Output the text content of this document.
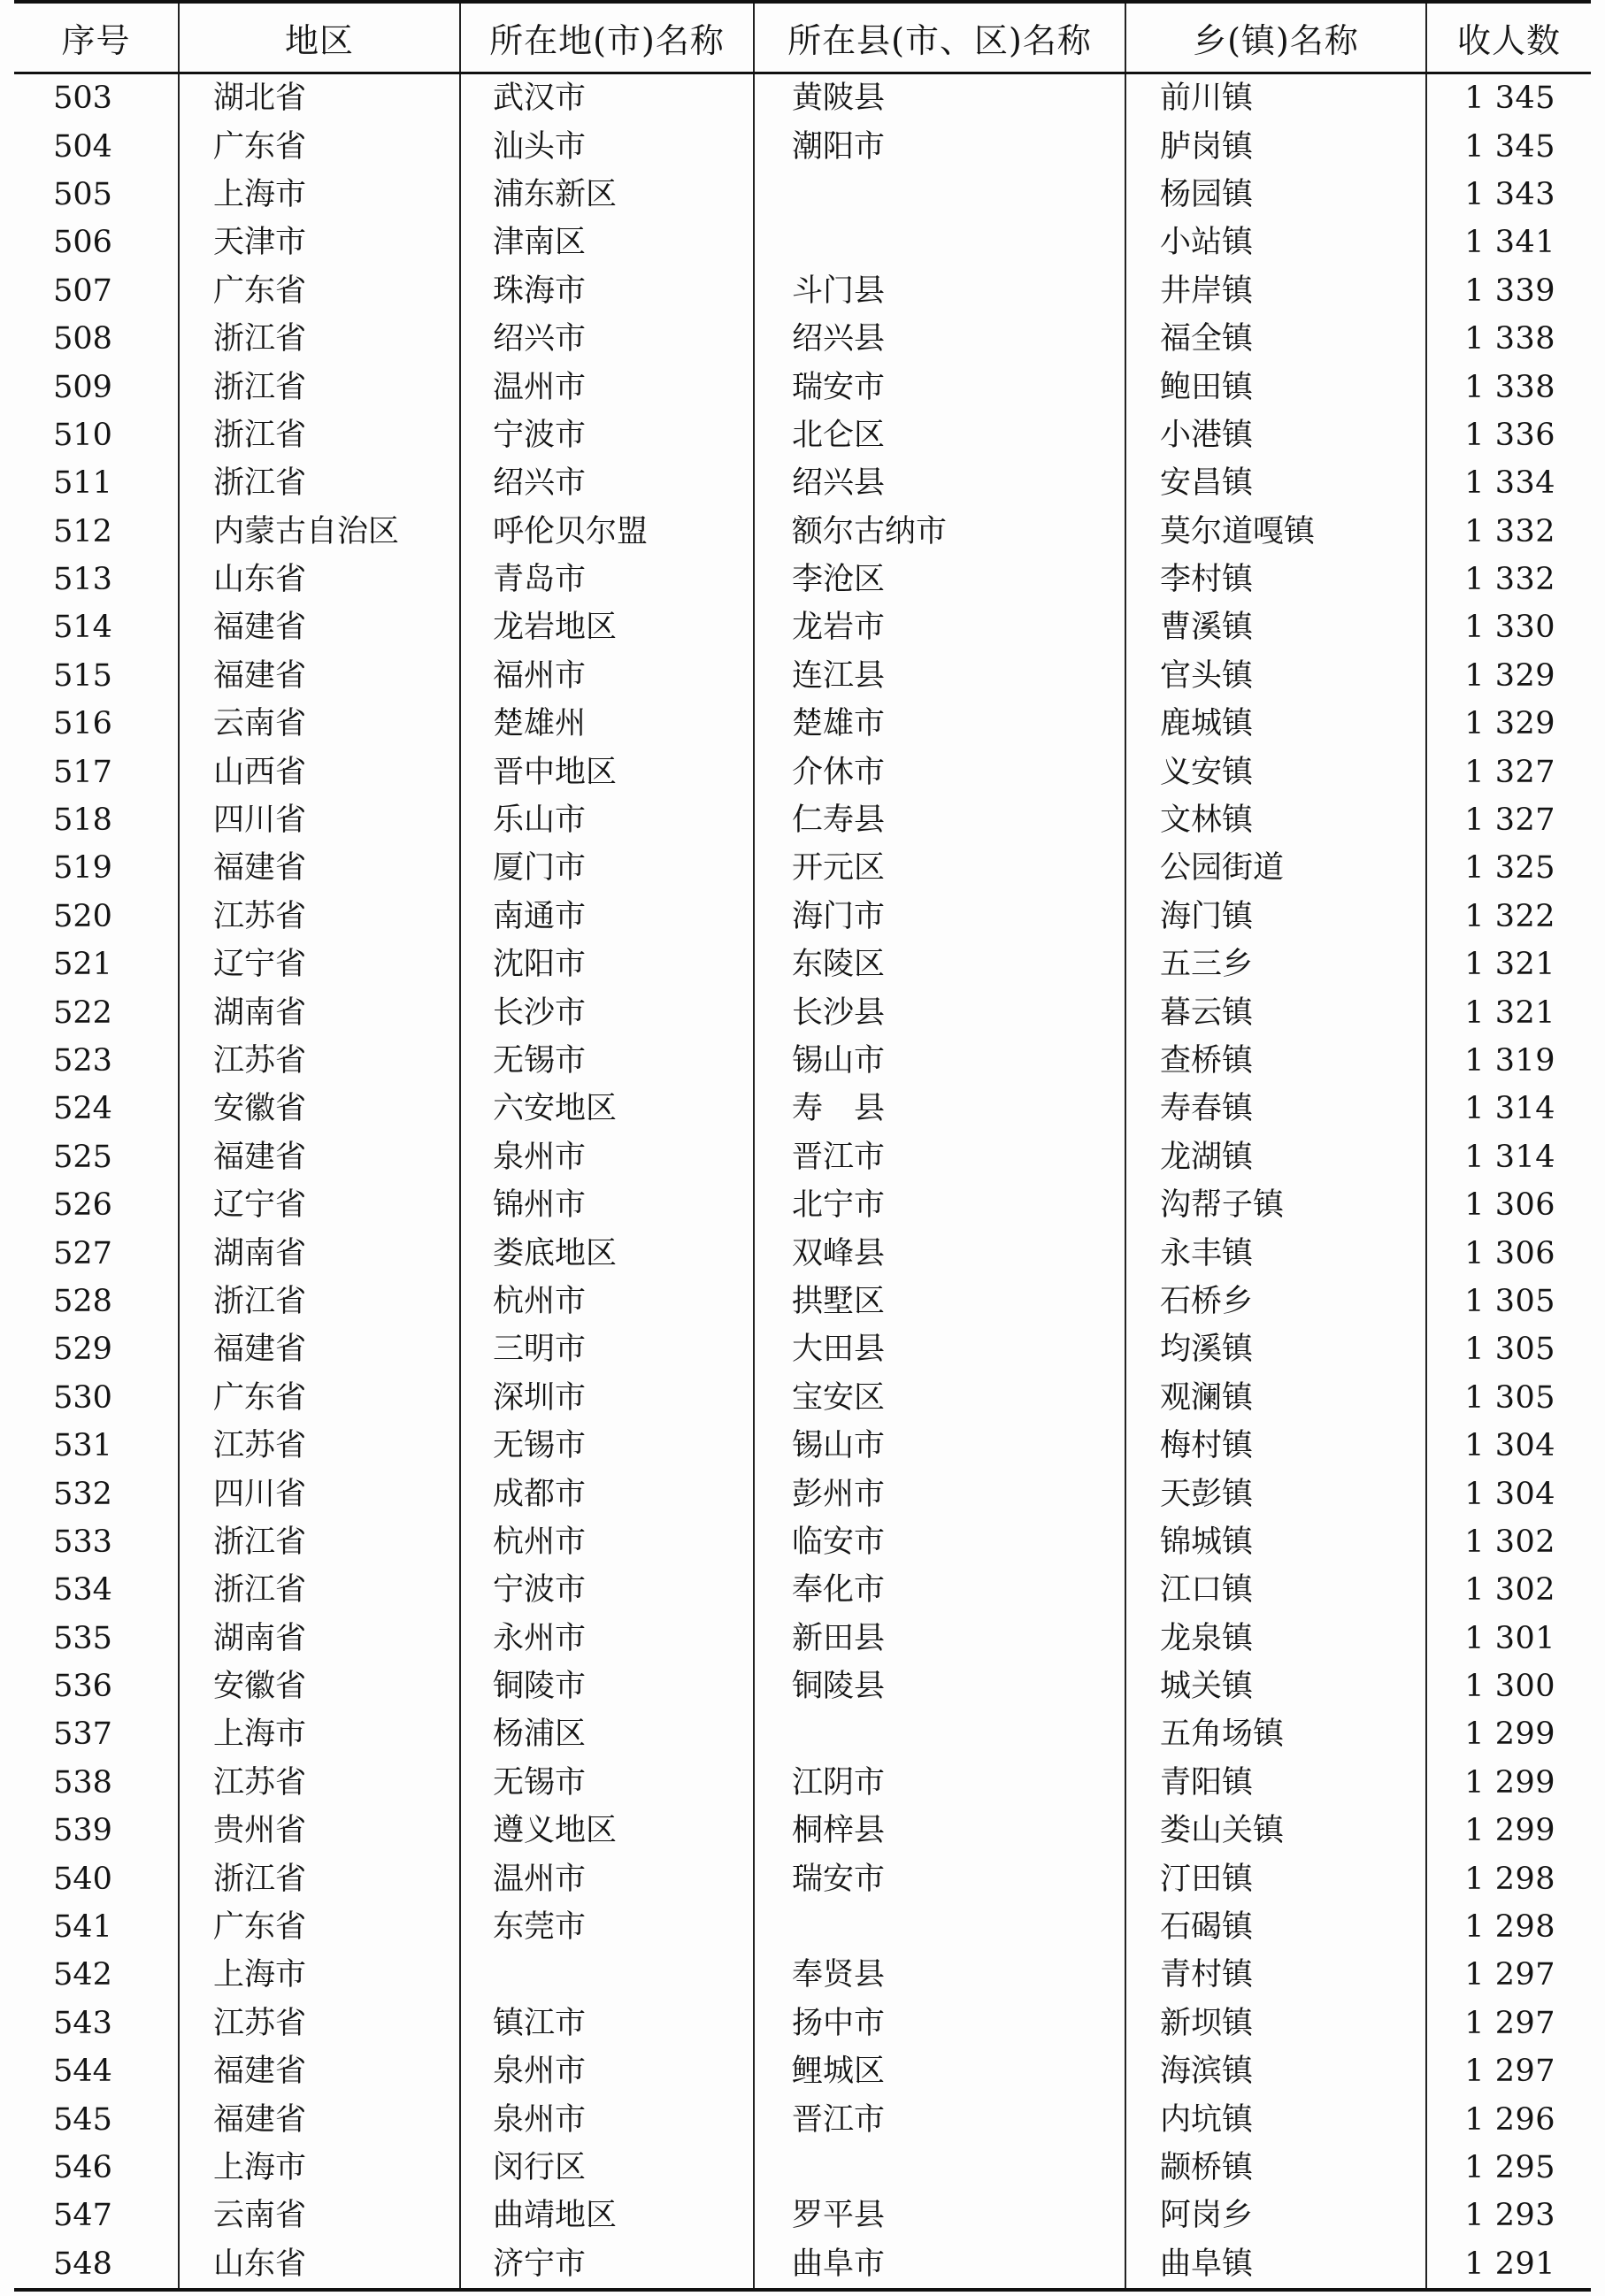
序号	地区	所在地(市)名称	所在县(市、区)名称	乡(镇)名称	收人数
503	湖北省	武汉市	黄陂县	前川镇	1 345
504	广东省	汕头市	潮阳市	胪岗镇	1 345
505	上海市	浦东新区		杨园镇	1 343
506	天津市	津南区		小站镇	1 341
507	广东省	珠海市	斗门县	井岸镇	1 339
508	浙江省	绍兴市	绍兴县	福全镇	1 338
509	浙江省	温州市	瑞安市	鲍田镇	1 338
510	浙江省	宁波市	北仑区	小港镇	1 336
511	浙江省	绍兴市	绍兴县	安昌镇	1 334
512	内蒙古自治区	呼伦贝尔盟	额尔古纳市	莫尔道嘎镇	1 332
513	山东省	青岛市	李沧区	李村镇	1 332
514	福建省	龙岩地区	龙岩市	曹溪镇	1 330
515	福建省	福州市	连江县	官头镇	1 329
516	云南省	楚雄州	楚雄市	鹿城镇	1 329
517	山西省	晋中地区	介休市	义安镇	1 327
518	四川省	乐山市	仁寿县	文林镇	1 327
519	福建省	厦门市	开元区	公园街道	1 325
520	江苏省	南通市	海门市	海门镇	1 322
521	辽宁省	沈阳市	东陵区	五三乡	1 321
522	湖南省	长沙市	长沙县	暮云镇	1 321
523	江苏省	无锡市	锡山市	查桥镇	1 319
524	安徽省	六安地区	寿　县	寿春镇	1 314
525	福建省	泉州市	晋江市	龙湖镇	1 314
526	辽宁省	锦州市	北宁市	沟帮子镇	1 306
527	湖南省	娄底地区	双峰县	永丰镇	1 306
528	浙江省	杭州市	拱墅区	石桥乡	1 305
529	福建省	三明市	大田县	均溪镇	1 305
530	广东省	深圳市	宝安区	观澜镇	1 305
531	江苏省	无锡市	锡山市	梅村镇	1 304
532	四川省	成都市	彭州市	天彭镇	1 304
533	浙江省	杭州市	临安市	锦城镇	1 302
534	浙江省	宁波市	奉化市	江口镇	1 302
535	湖南省	永州市	新田县	龙泉镇	1 301
536	安徽省	铜陵市	铜陵县	城关镇	1 300
537	上海市	杨浦区		五角场镇	1 299
538	江苏省	无锡市	江阴市	青阳镇	1 299
539	贵州省	遵义地区	桐梓县	娄山关镇	1 299
540	浙江省	温州市	瑞安市	汀田镇	1 298
541	广东省	东莞市		石碣镇	1 298
542	上海市		奉贤县	青村镇	1 297
543	江苏省	镇江市	扬中市	新坝镇	1 297
544	福建省	泉州市	鲤城区	海滨镇	1 297
545	福建省	泉州市	晋江市	内坑镇	1 296
546	上海市	闵行区		颛桥镇	1 295
547	云南省	曲靖地区	罗平县	阿岗乡	1 293
548	山东省	济宁市	曲阜市	曲阜镇	1 291
